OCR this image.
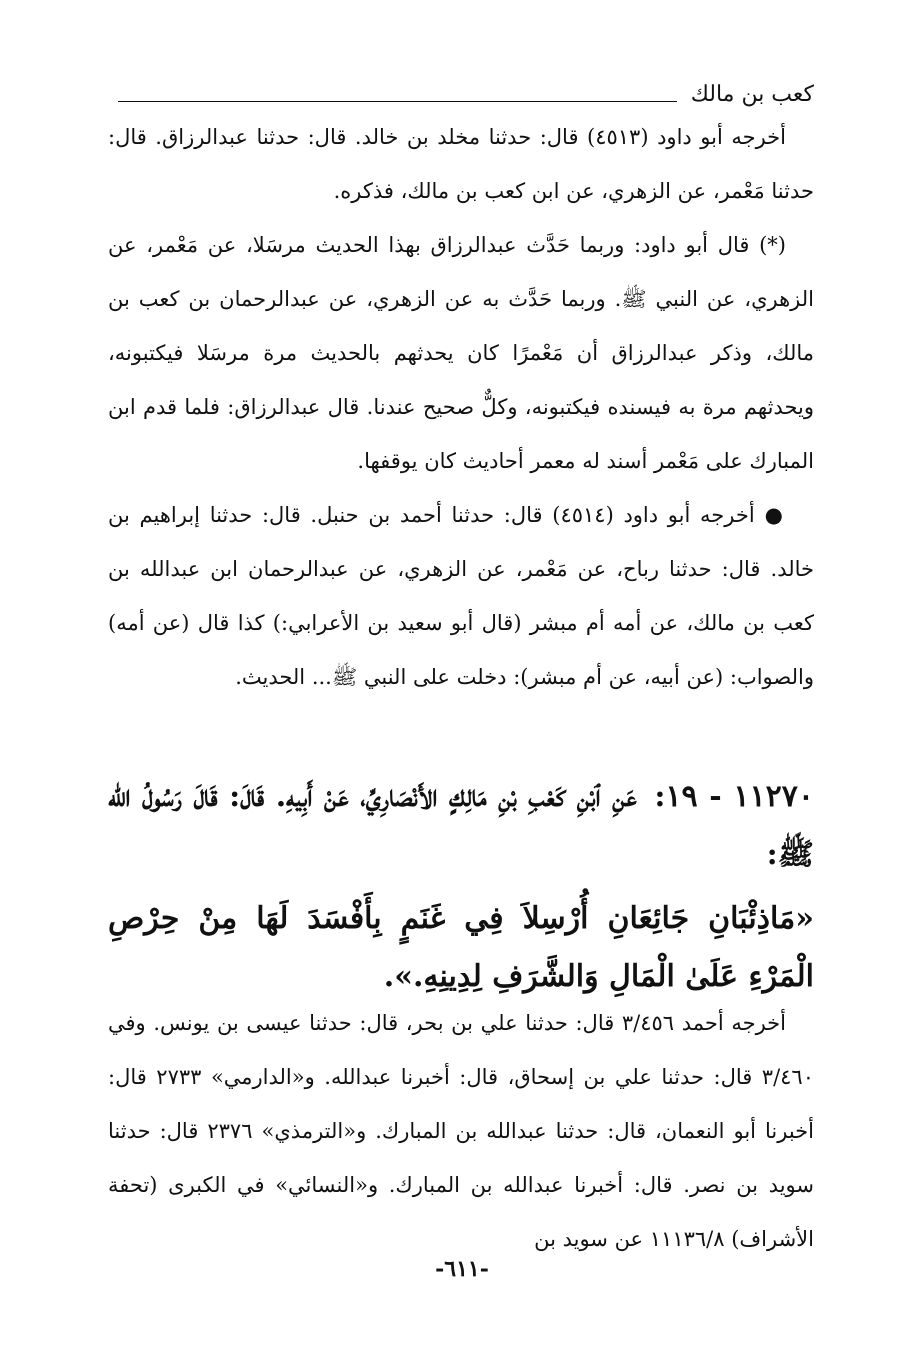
كعب بن مالك

أخرجه أبو داود (٤٥١٣) قال: حدثنا مخلد بن خالد. قال: حدثنا عبدالرزاق. قال: حدثنا مَعْمر، عن الزهري، عن ابن كعب بن مالك، فذكره.

(*) قال أبو داود: وربما حَدَّث عبدالرزاق بهذا الحديث مرسَلا، عن مَعْمر، عن الزهري، عن النبي ﷺ. وربما حَدَّث به عن الزهري، عن عبدالرحمان بن كعب بن مالك، وذكر عبدالرزاق أن مَعْمرًا كان يحدثهم بالحديث مرة مرسَلا فيكتبونه، ويحدثهم مرة به فيسنده فيكتبونه، وكلٌّ صحيح عندنا. قال عبدالرزاق: فلما قدم ابن المبارك على مَعْمر أسند له معمر أحاديث كان يوقفها.

● أخرجه أبو داود (٤٥١٤) قال: حدثنا أحمد بن حنبل. قال: حدثنا إبراهيم بن خالد. قال: حدثنا رباح، عن مَعْمر، عن الزهري، عن عبدالرحمان ابن عبدالله بن كعب بن مالك، عن أمه أم مبشر (قال أبو سعيد بن الأعرابي:) كذا قال (عن أمه) والصواب: (عن أبيه، عن أم مبشر): دخلت على النبي ﷺ... الحديث.

١١٢٧٠ - ١٩: عَنِ ٱبْنِ كَعْبِ بْنِ مَالِكٍ الأَنْصَارِيِّ، عَنْ أَبِيهِ. قَالَ: قَالَ رَسُولُ الله ﷺ:

«مَاذِئْبَانِ جَائِعَانِ أُرْسِلاَ فِي غَنَمٍ بِأَفْسَدَ لَهَا مِنْ حِرْصِ الْمَرْءِ عَلَىٰ الْمَالِ وَالشَّرَفِ لِدِينِهِ.».

أخرجه أحمد ٣/٤٥٦ قال: حدثنا علي بن بحر، قال: حدثنا عيسى بن يونس. وفي ٣/٤٦٠ قال: حدثنا علي بن إسحاق، قال: أخبرنا عبدالله. و«الدارمي» ٢٧٣٣ قال: أخبرنا أبو النعمان، قال: حدثنا عبدالله بن المبارك. و«الترمذي» ٢٣٧٦ قال: حدثنا سويد بن نصر. قال: أخبرنا عبدالله بن المبارك. و«النسائي» في الكبرى (تحفة الأشراف) ١١١٣٦/٨ عن سويد بن

-٦١١-
